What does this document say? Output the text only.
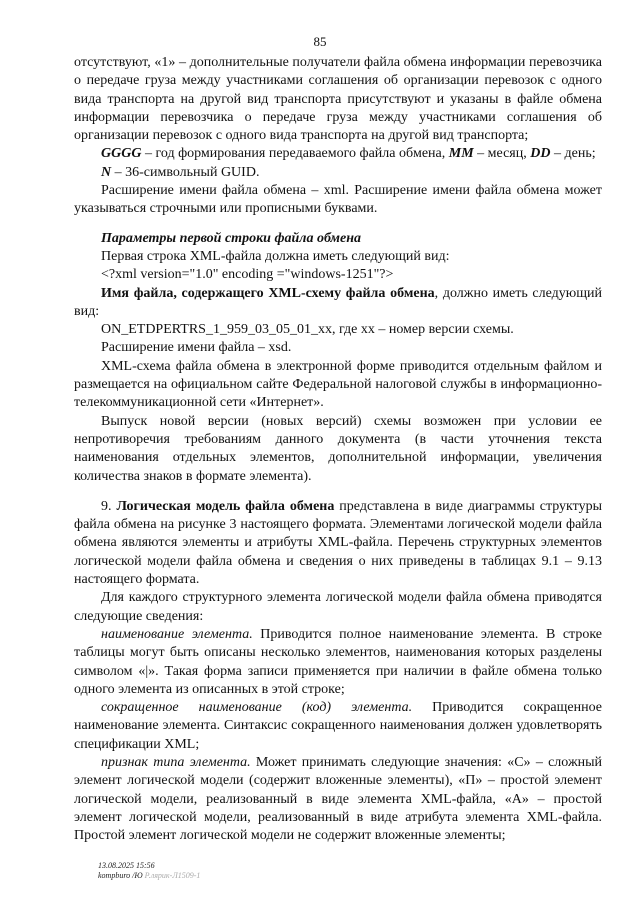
85

отсутствуют, «1» – дополнительные получатели файла обмена информации перевозчика о передаче груза между участниками соглашения об организации перевозок с одного вида транспорта на другой вид транспорта присутствуют и указаны в файле обмена информации перевозчика о передаче груза между участниками соглашения об организации перевозок с одного вида транспорта на другой вид транспорта;

GGGG – год формирования передаваемого файла обмена, MM – месяц, DD – день;

N – 36-символьный GUID.

Расширение имени файла обмена – xml. Расширение имени файла обмена может указываться строчными или прописными буквами.

Параметры первой строки файла обмена

Первая строка XML-файла должна иметь следующий вид:

<?xml version="1.0" encoding ="windows-1251"?>

Имя файла, содержащего XML-схему файла обмена, должно иметь следующий вид:

ON_ETDPERTRS_1_959_03_05_01_xx, где xx – номер версии схемы.

Расширение имени файла – xsd.

XML-схема файла обмена в электронной форме приводится отдельным файлом и размещается на официальном сайте Федеральной налоговой службы в информационно-телекоммуникационной сети «Интернет».

Выпуск новой версии (новых версий) схемы возможен при условии ее непротиворечия требованиям данного документа (в части уточнения текста наименования отдельных элементов, дополнительной информации, увеличения количества знаков в формате элемента).

9. Логическая модель файла обмена представлена в виде диаграммы структуры файла обмена на рисунке 3 настоящего формата. Элементами логической модели файла обмена являются элементы и атрибуты XML-файла. Перечень структурных элементов логической модели файла обмена и сведения о них приведены в таблицах 9.1 – 9.13 настоящего формата.

Для каждого структурного элемента логической модели файла обмена приводятся следующие сведения:

наименование элемента. Приводится полное наименование элемента. В строке таблицы могут быть описаны несколько элементов, наименования которых разделены символом «|». Такая форма записи применяется при наличии в файле обмена только одного элемента из описанных в этой строке;

сокращенное наименование (код) элемента. Приводится сокращенное наименование элемента. Синтаксис сокращенного наименования должен удовлетворять спецификации XML;

признак типа элемента. Может принимать следующие значения: «С» – сложный элемент логической модели (содержит вложенные элементы), «П» – простой элемент логической модели, реализованный в виде элемента XML-файла, «А» – простой элемент логической модели, реализованный в виде атрибута элемента XML-файла. Простой элемент логической модели не содержит вложенные элементы;

13.08.2025 15:56
kompburo /Ю Р.лярик-Л1509-1
